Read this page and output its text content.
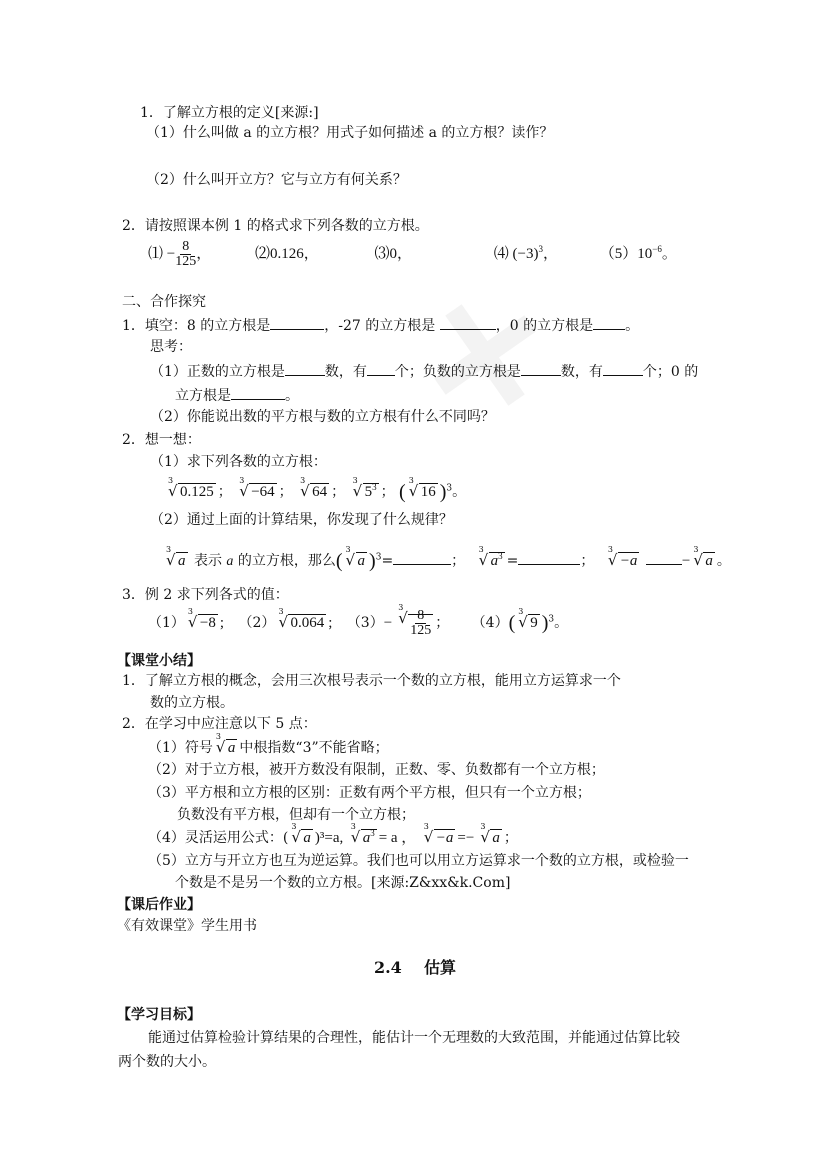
1．了解立方根的定义[来源:]
（1）什么叫做 a 的立方根？用式子如何描述 a 的立方根？读作？
（2）什么叫开立方？它与立方有何关系？
2．请按照课本例 1 的格式求下列各数的立方根。
⑴ − $\frac{8}{125}$ ，	⑵0.126，	⑶0，	⑷ $(-3)^3$，	$(5)10^{-6}$。
二、合作探究
1．填空：8 的立方根是	，-27 的立方根是	，0 的立方根是 。
思考：
（1）正数的立方根是	数，有 个；负数的立方根是	数，有	个；0 的
立方根是	。
（2）你能说出数的平方根与数的立方根有什么不同吗？
2．想一想：
（1）求下列各数的立方根：
√ 3
0.125 ；
√ 3
−64 ；
√ 3
64 ；
√ 3
$5^3$ ； (
√ 3
16 )$^3$。
（2）通过上面的计算结果，你发现了什么规律？
√ 3
a 表示 a 的立方根，那么(
√ 3
a )$^3$=	；
√ 3
$a^3$ =	；
√ 3
−a	−
√ 3
a 。
3．例 2 求下列各式的值：
（1）
√ 3
−8 ; （2）
√ 3
0.064 ; （3）−
√ 3
$\frac{8}{125}$ ； （4）(
√ 3
9 )$^3$。
【课堂小结】
1．了解立方根的概念，会用三次根号表示一个数的立方根，能用立方运算求一个
数的立方根。
2．在学习中应注意以下 5 点：
（1）符号
√ 3
a 中根指数“3”不能省略；
（2）对于立方根，被开方数没有限制，正数、零、负数都有一个立方根；
（3）平方根和立方根的区别：正数有两个平方根，但只有一个立方根；
负数没有平方根，但却有一个立方根；
（4）灵活运用公式：(
√ 3
a )³=a,
√ 3
$a^3 = a$ ，
√ 3
−a =−
√ 3
a ；
（5）立方与开立方也互为逆运算。我们也可以用立方运算求一个数的立方根，或检验一
个数是不是另一个数的立方根。[来源:Z&xx&k.Com]
【课后作业】
《有效课堂》学生用书
2.4    估算
【学习目标】
能通过估算检验计算结果的合理性，能估计一个无理数的大致范围，并能通过估算比较
两个数的大小。
